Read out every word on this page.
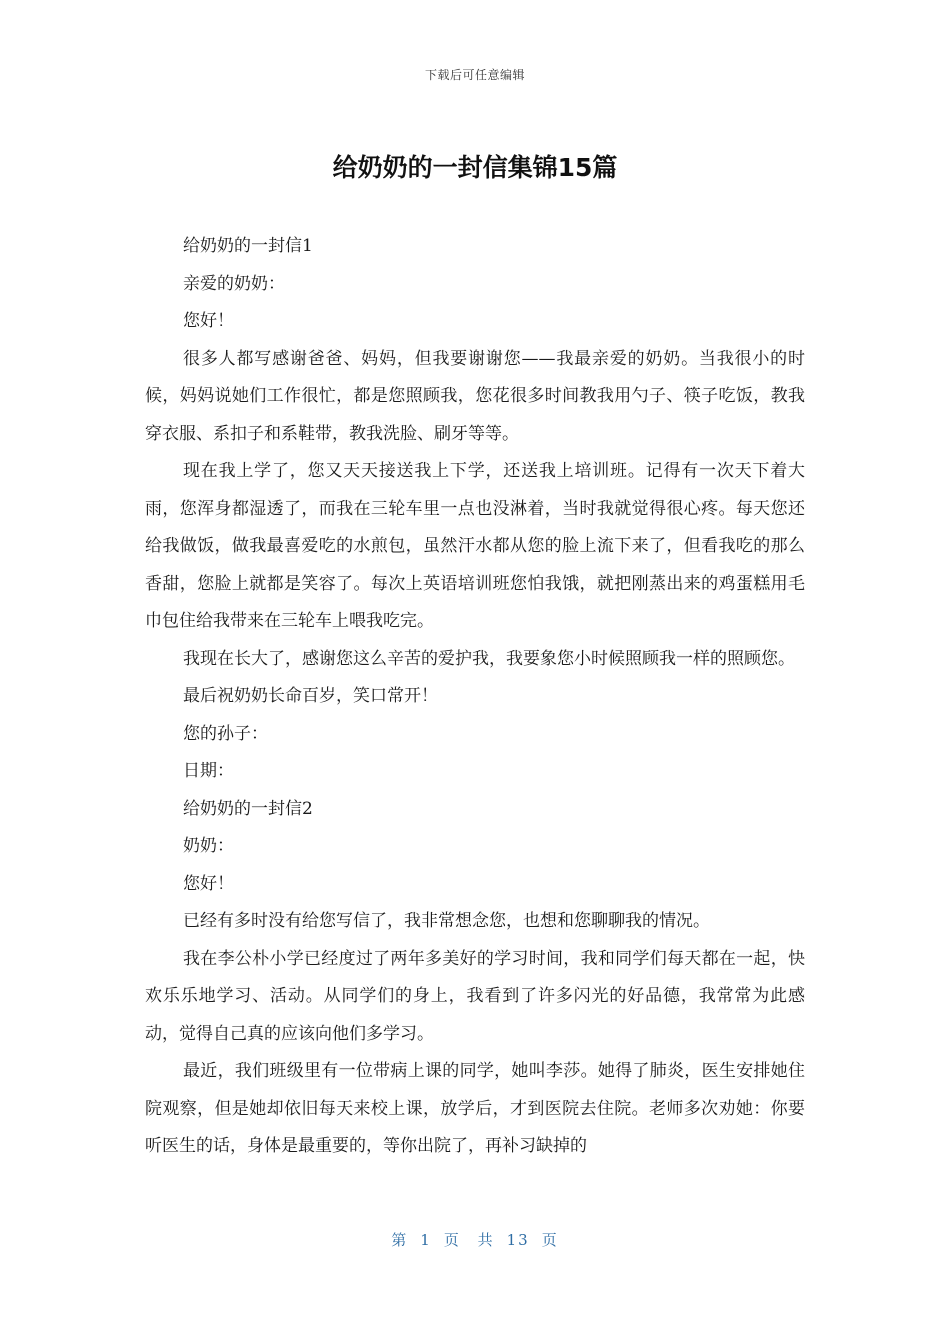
下载后可任意编辑
给奶奶的一封信集锦15篇

给奶奶的一封信1

亲爱的奶奶：

您好！

很多人都写感谢爸爸、妈妈，但我要谢谢您——我最亲爱的奶奶。当我很小的时候，妈妈说她们工作很忙，都是您照顾我，您花很多时间教我用勺子、筷子吃饭，教我穿衣服、系扣子和系鞋带，教我洗脸、刷牙等等。

现在我上学了，您又天天接送我上下学，还送我上培训班。记得有一次天下着大雨，您浑身都湿透了，而我在三轮车里一点也没淋着，当时我就觉得很心疼。每天您还给我做饭，做我最喜爱吃的水煎包，虽然汗水都从您的脸上流下来了，但看我吃的那么香甜，您脸上就都是笑容了。每次上英语培训班您怕我饿，就把刚蒸出来的鸡蛋糕用毛巾包住给我带来在三轮车上喂我吃完。

我现在长大了，感谢您这么辛苦的爱护我，我要象您小时候照顾我一样的照顾您。

最后祝奶奶长命百岁，笑口常开！

您的孙子：

日期：

给奶奶的一封信2

奶奶：

您好！

已经有多时没有给您写信了，我非常想念您，也想和您聊聊我的情况。

我在李公朴小学已经度过了两年多美好的学习时间，我和同学们每天都在一起，快欢乐乐地学习、活动。从同学们的身上，我看到了许多闪光的好品德，我常常为此感动，觉得自己真的应该向他们多学习。

最近，我们班级里有一位带病上课的同学，她叫李莎。她得了肺炎，医生安排她住院观察，但是她却依旧每天来校上课，放学后，才到医院去住院。老师多次劝她：你要听医生的话，身体是最重要的，等你出院了，再补习缺掉的

第 1 页 共 13 页
